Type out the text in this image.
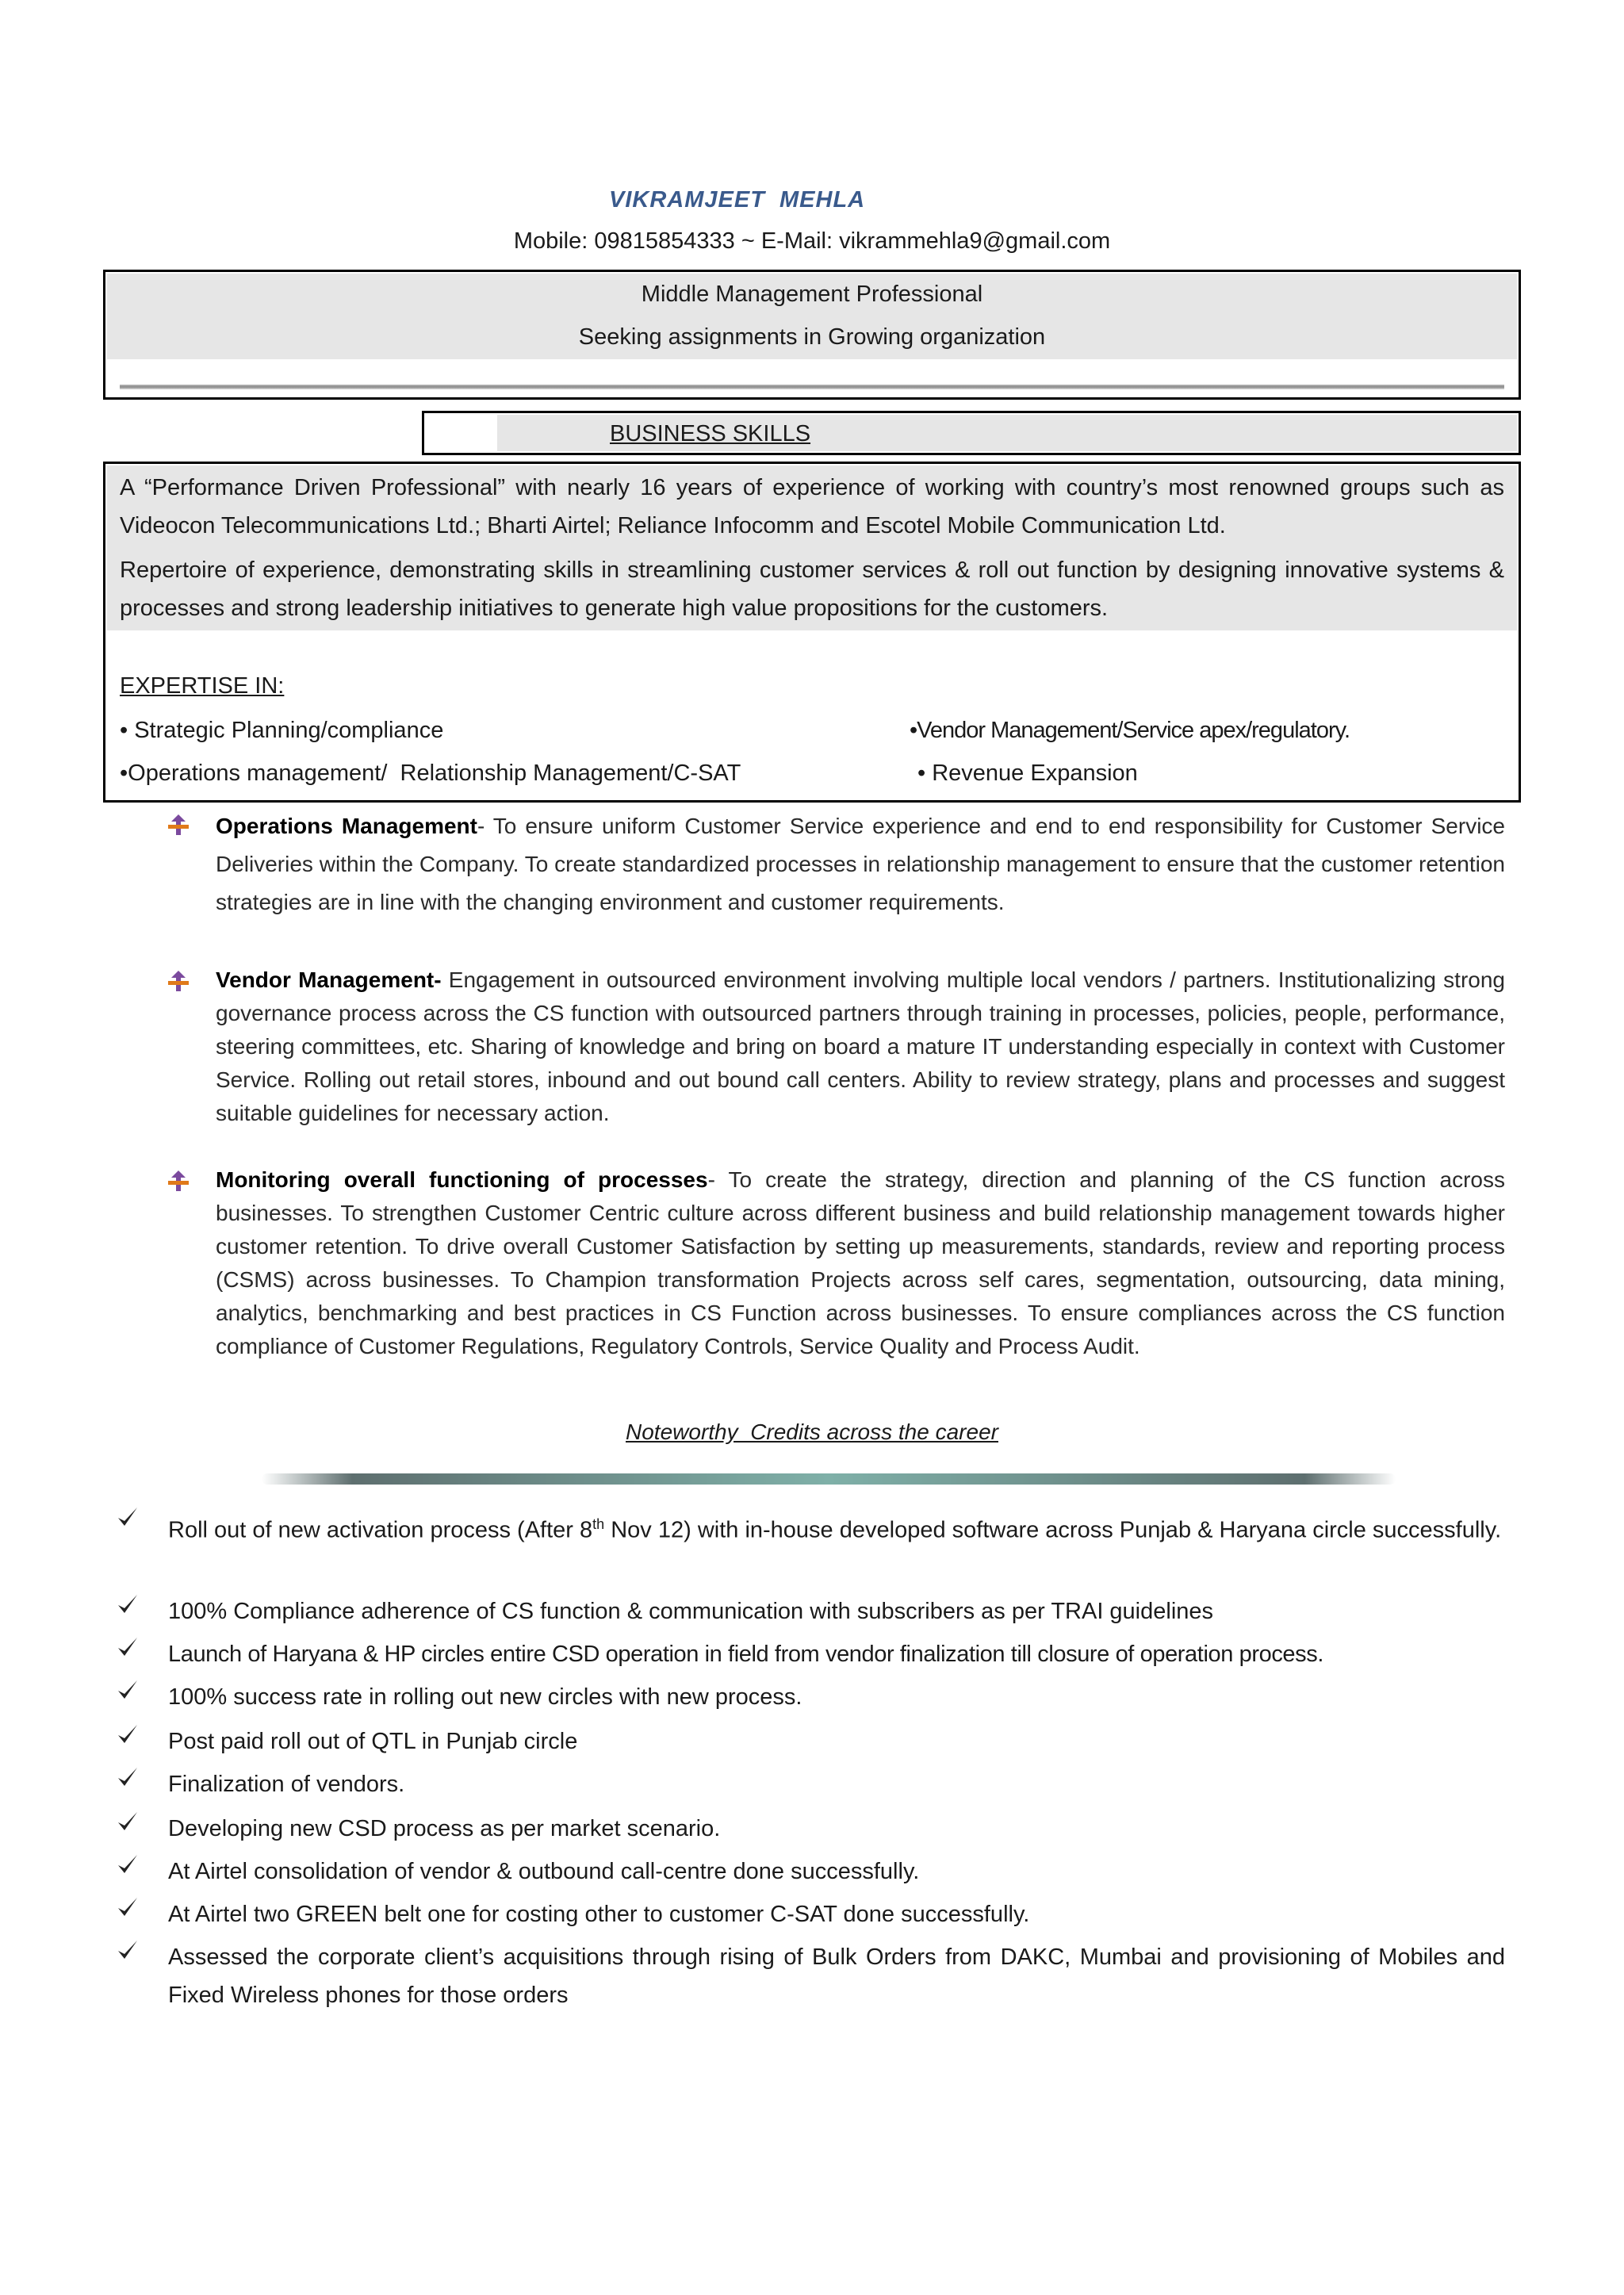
VIKRAMJEET  MEHLA
Mobile: 09815854333 ~ E-Mail: vikrammehla9@gmail.com
Middle Management Professional
Seeking assignments in Growing organization
BUSINESS SKILLS
A “Performance Driven Professional” with nearly 16 years of experience of working with country’s most renowned groups such as Videocon Telecommunications Ltd.; Bharti Airtel; Reliance Infocomm and Escotel Mobile Communication Ltd.
Repertoire of experience, demonstrating skills in streamlining customer services & roll out function by designing innovative systems & processes and strong leadership initiatives to generate high value propositions for the customers.
EXPERTISE IN:
• Strategic Planning/compliance	•Vendor Management/Service apex/regulatory.
•Operations management/  Relationship Management/C-SAT	• Revenue Expansion
Operations Management- To ensure uniform Customer Service experience and end to end responsibility for Customer Service Deliveries within the Company. To create standardized processes in relationship management to ensure that the customer retention strategies are in line with the changing environment and customer requirements.
Vendor Management- Engagement in outsourced environment involving multiple local vendors / partners. Institutionalizing strong governance process across the CS function with outsourced partners through training in processes, policies, people, performance, steering committees, etc. Sharing of knowledge and bring on board a mature IT understanding especially in context with Customer Service. Rolling out retail stores, inbound and out bound call centers. Ability to review strategy, plans and processes and suggest suitable guidelines for necessary action.
Monitoring overall functioning of processes- To create the strategy, direction and planning of the CS function across businesses. To strengthen Customer Centric culture across different business and build relationship management towards higher customer retention. To drive overall Customer Satisfaction by setting up measurements, standards, review and reporting process (CSMS) across businesses. To Champion transformation Projects across self cares, segmentation, outsourcing, data mining, analytics, benchmarking and best practices in CS Function across businesses. To ensure compliances across the CS function compliance of Customer Regulations, Regulatory Controls, Service Quality and Process Audit.
Noteworthy  Credits across the career
Roll out of new activation process (After 8th Nov 12) with in-house developed software across Punjab & Haryana circle successfully.
100% Compliance adherence of CS function & communication with subscribers as per TRAI guidelines
Launch of Haryana & HP circles entire CSD operation in field from vendor finalization till closure of operation process.
100% success rate in rolling out new circles with new process.
Post paid roll out of QTL in Punjab circle
Finalization of vendors.
Developing new CSD process as per market scenario.
At Airtel consolidation of vendor & outbound call-centre done successfully.
At Airtel two GREEN belt one for costing other to customer C-SAT done successfully.
Assessed the corporate client’s acquisitions through rising of Bulk Orders from DAKC, Mumbai and provisioning of Mobiles and Fixed Wireless phones for those orders
